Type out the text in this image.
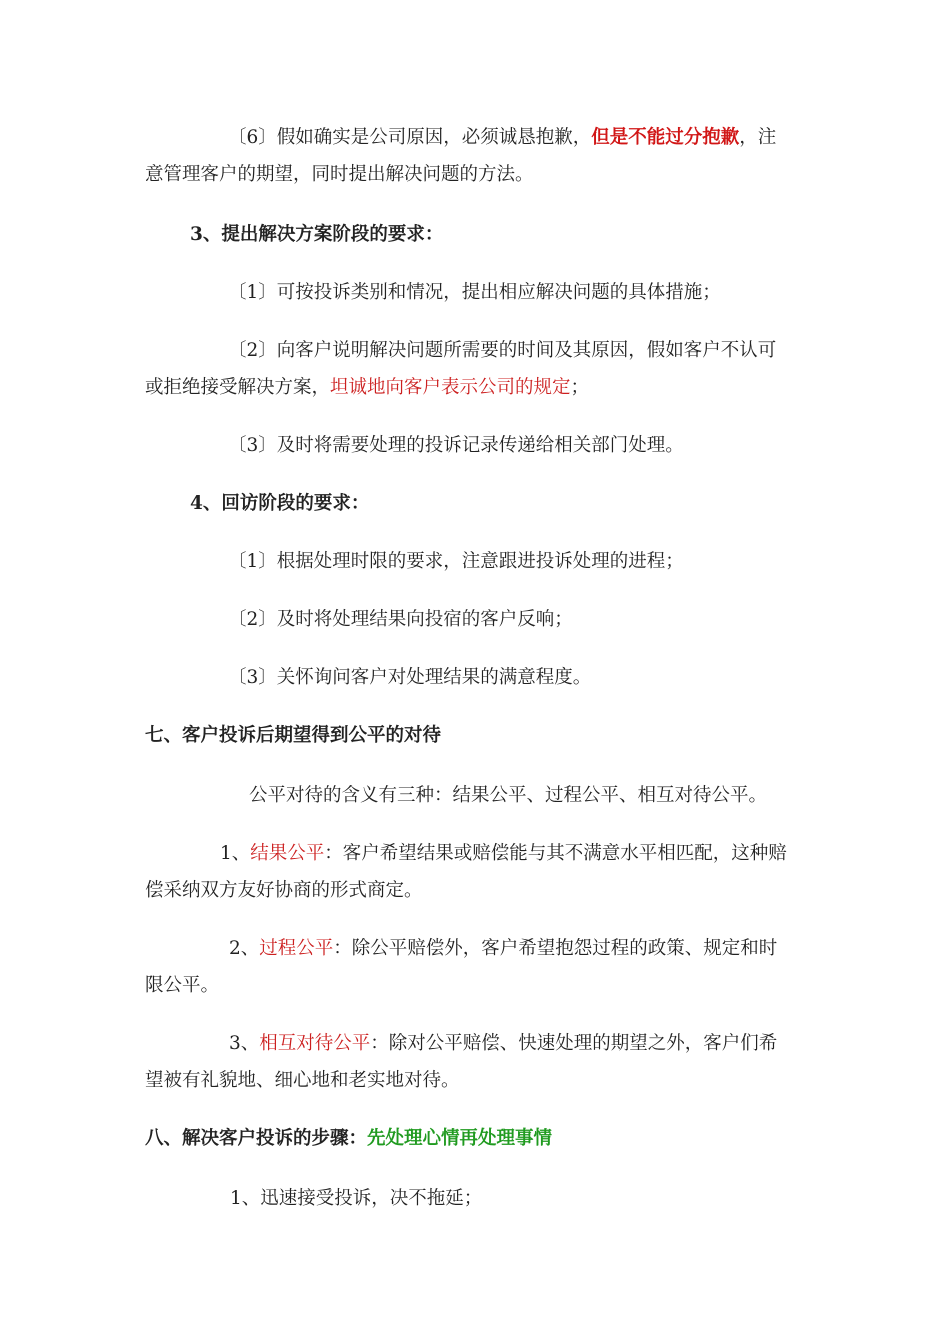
〔6〕假如确实是公司原因，必须诚恳抱歉，但是不能过分抱歉，注
意管理客户的期望，同时提出解决问题的方法。
3、提出解决方案阶段的要求：
〔1〕可按投诉类别和情况，提出相应解决问题的具体措施；
〔2〕向客户说明解决问题所需要的时间及其原因，假如客户不认可
或拒绝接受解决方案，坦诚地向客户表示公司的规定；
〔3〕及时将需要处理的投诉记录传递给相关部门处理。
4、回访阶段的要求：
〔1〕根据处理时限的要求，注意跟进投诉处理的进程；
〔2〕及时将处理结果向投宿的客户反响；
〔3〕关怀询问客户对处理结果的满意程度。
七、客户投诉后期望得到公平的对待
公平对待的含义有三种：结果公平、过程公平、相互对待公平。
1、结果公平：客户希望结果或赔偿能与其不满意水平相匹配，这种赔
偿采纳双方友好协商的形式商定。
2、过程公平：除公平赔偿外，客户希望抱怨过程的政策、规定和时
限公平。
3、相互对待公平：除对公平赔偿、快速处理的期望之外，客户们希
望被有礼貌地、细心地和老实地对待。
八、解决客户投诉的步骤：先处理心情再处理事情
1、迅速接受投诉，决不拖延；
